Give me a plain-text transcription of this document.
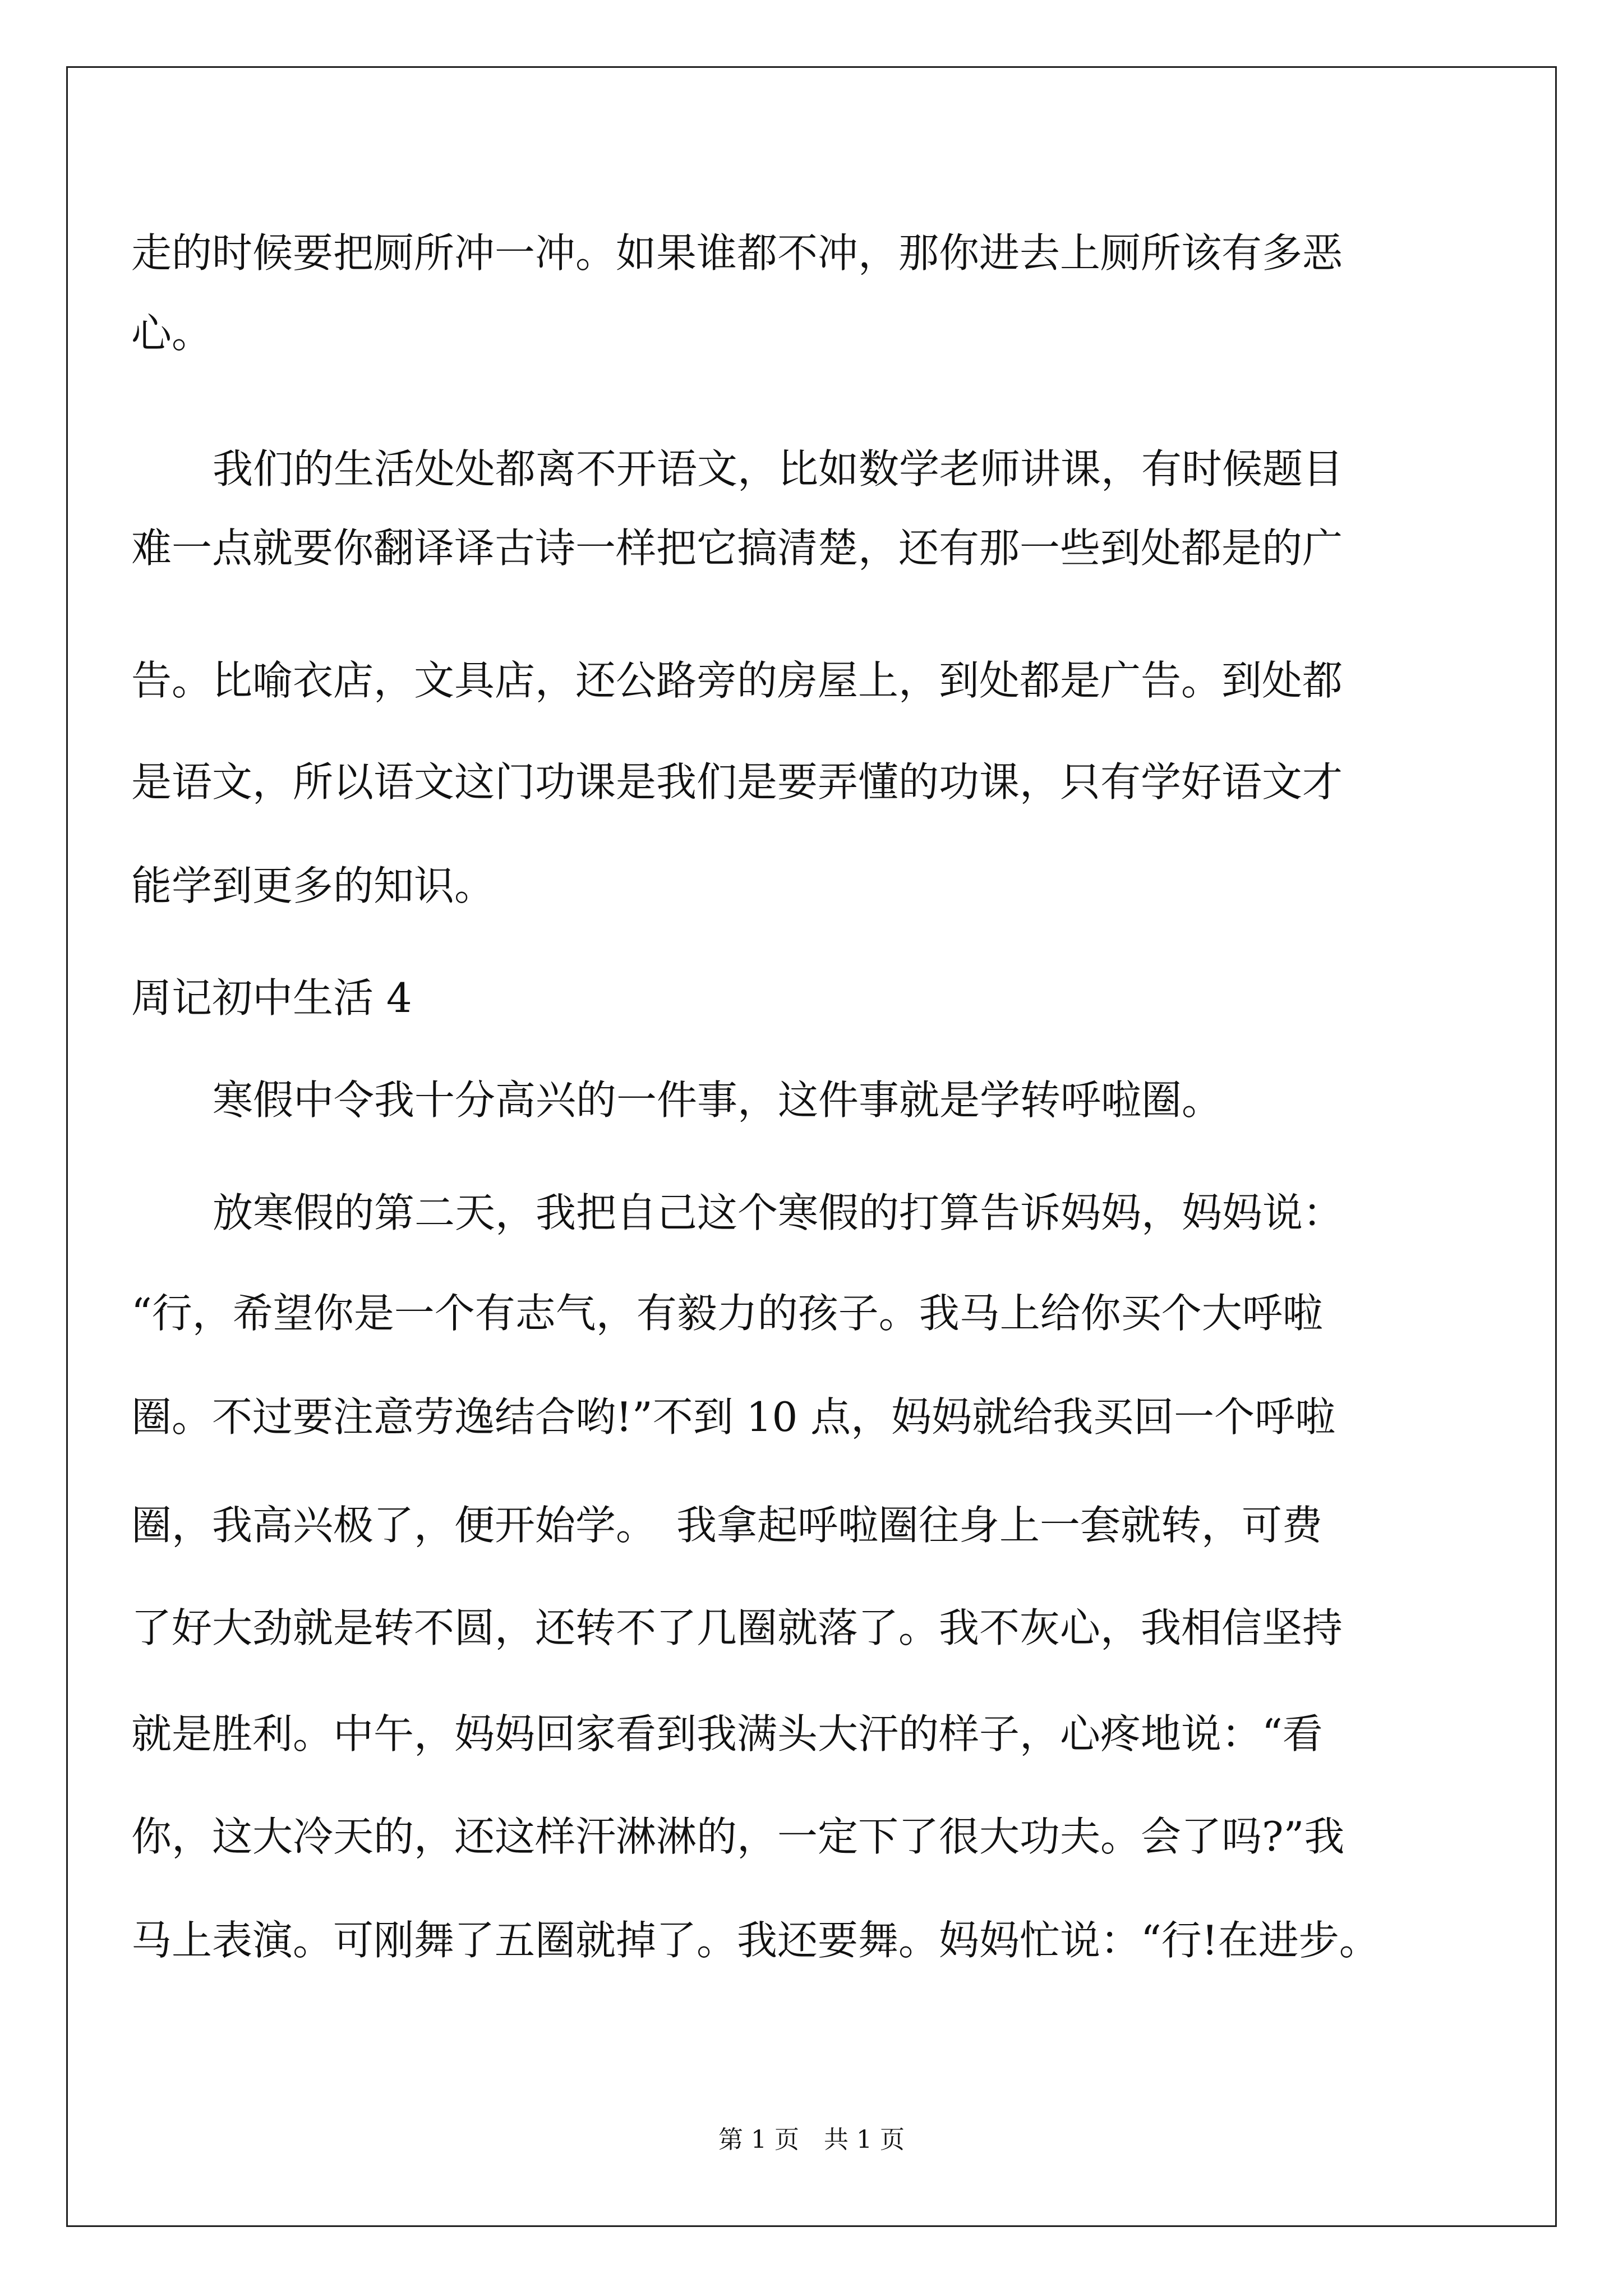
走的时候要把厕所冲一冲。如果谁都不冲，那你进去上厕所该有多恶
心。
我们的生活处处都离不开语文，比如数学老师讲课，有时候题目
难一点就要你翻译译古诗一样把它搞清楚，还有那一些到处都是的广
告。比喻衣店，文具店，还公路旁的房屋上，到处都是广告。到处都
是语文，所以语文这门功课是我们是要弄懂的功课，只有学好语文才
能学到更多的知识。
周记初中生活 4
寒假中令我十分高兴的一件事，这件事就是学转呼啦圈。
放寒假的第二天，我把自己这个寒假的打算告诉妈妈，妈妈说：
“行，希望你是一个有志气，有毅力的孩子。我马上给你买个大呼啦
圈。不过要注意劳逸结合哟!”不到 10 点，妈妈就给我买回一个呼啦
圈，我高兴极了，便开始学。　我拿起呼啦圈往身上一套就转，可费
了好大劲就是转不圆，还转不了几圈就落了。我不灰心，我相信坚持
就是胜利。中午，妈妈回家看到我满头大汗的样子，心疼地说：“看
你，这大冷天的，还这样汗淋淋的，一定下了很大功夫。会了吗?”我
马上表演。可刚舞了五圈就掉了。我还要舞。妈妈忙说：“行!在进步。
第 1 页　共 1 页
